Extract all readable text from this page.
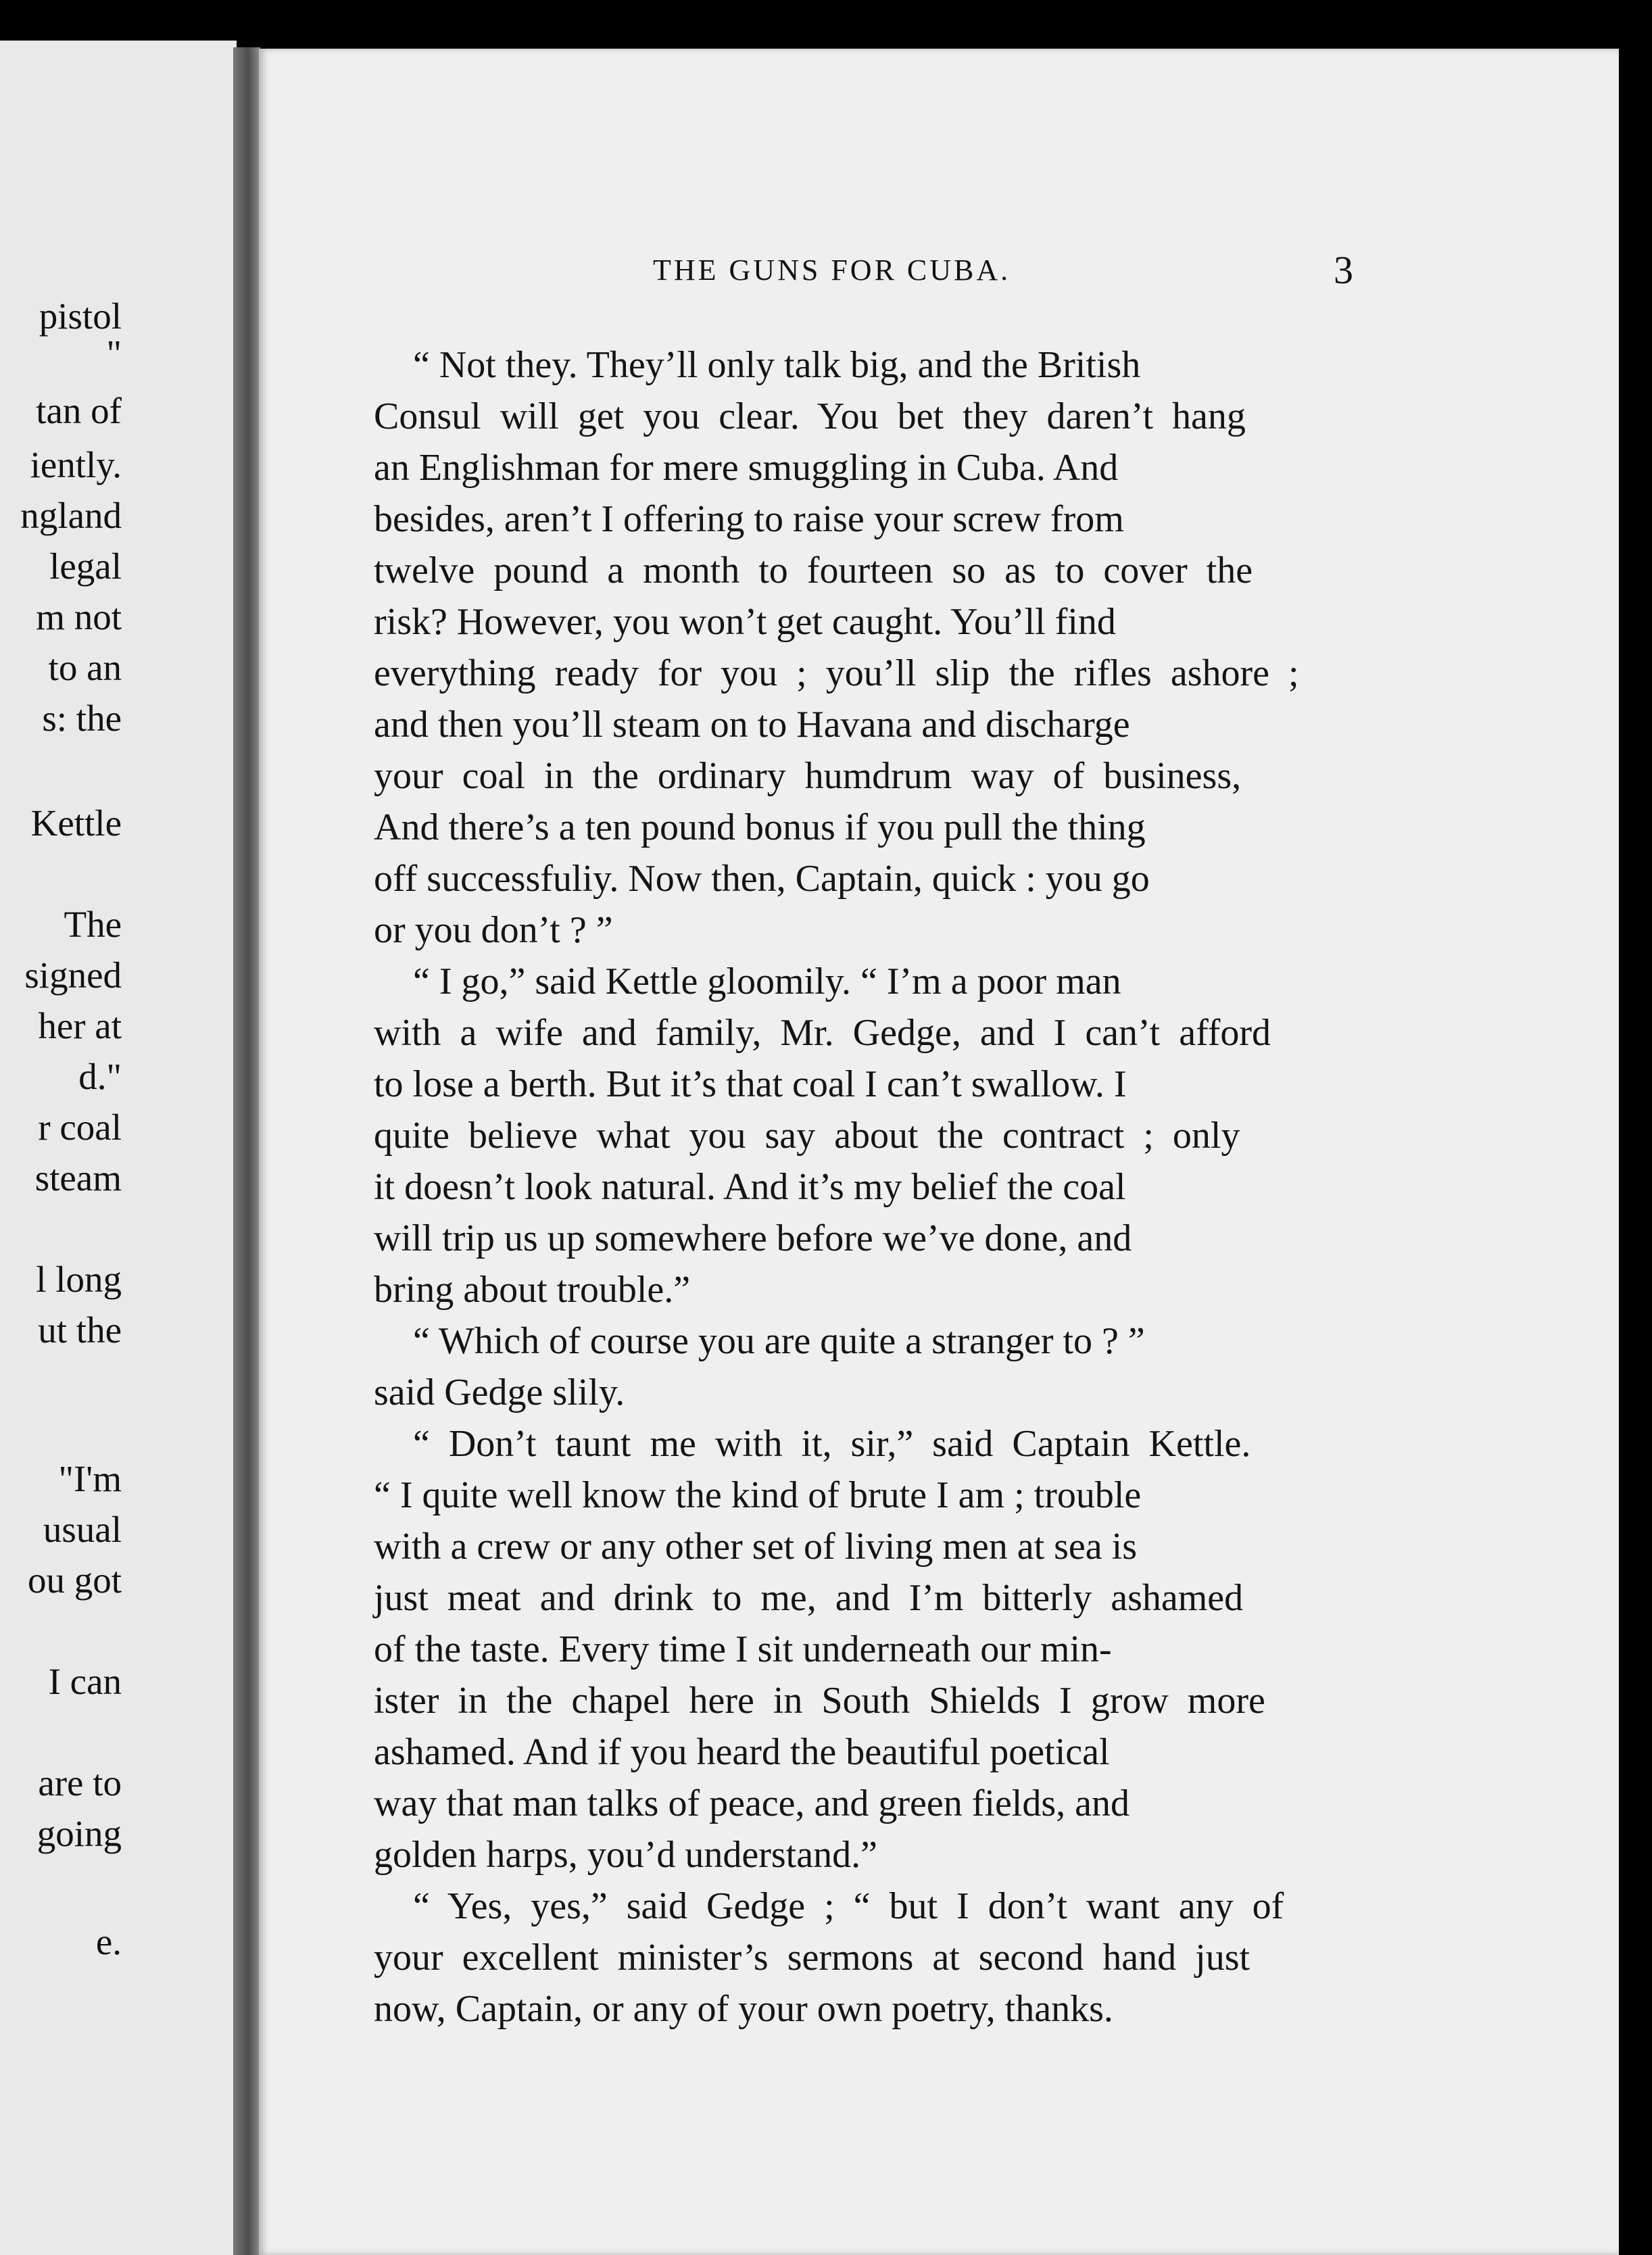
pistol
"
tan of
iently.
ngland
legal
m not
to an
s: the
Kettle
The
signed
her at
d."
r coal
steam
l long
ut the
"I'm
usual
ou got
I can
are to
going
e.
THE GUNS FOR CUBA.	3
“ Not they. They’ll only talk big, and the British
Consul will get you clear. You bet they daren’t hang
an Englishman for mere smuggling in Cuba. And
besides, aren’t I offering to raise your screw from
twelve pound a month to fourteen so as to cover the
risk? However, you won’t get caught. You’ll find
everything ready for you ; you’ll slip the rifles ashore ;
and then you’ll steam on to Havana and discharge
your coal in the ordinary humdrum way of business,
And there’s a ten pound bonus if you pull the thing
off successfuliy. Now then, Captain, quick : you go
or you don’t ? ”
“ I go,” said Kettle gloomily. “ I’m a poor man
with a wife and family, Mr. Gedge, and I can’t afford
to lose a berth. But it’s that coal I can’t swallow. I
quite believe what you say about the contract ; only
it doesn’t look natural. And it’s my belief the coal
will trip us up somewhere before we’ve done, and
bring about trouble.”
“ Which of course you are quite a stranger to ? ”
said Gedge slily.
“ Don’t taunt me with it, sir,” said Captain Kettle.
“ I quite well know the kind of brute I am ; trouble
with a crew or any other set of living men at sea is
just meat and drink to me, and I’m bitterly ashamed
of the taste. Every time I sit underneath our min-
ister in the chapel here in South Shields I grow more
ashamed. And if you heard the beautiful poetical
way that man talks of peace, and green fields, and
golden harps, you’d understand.”
“ Yes, yes,” said Gedge ; “ but I don’t want any of
your excellent minister’s sermons at second hand just
now, Captain, or any of your own poetry, thanks.
